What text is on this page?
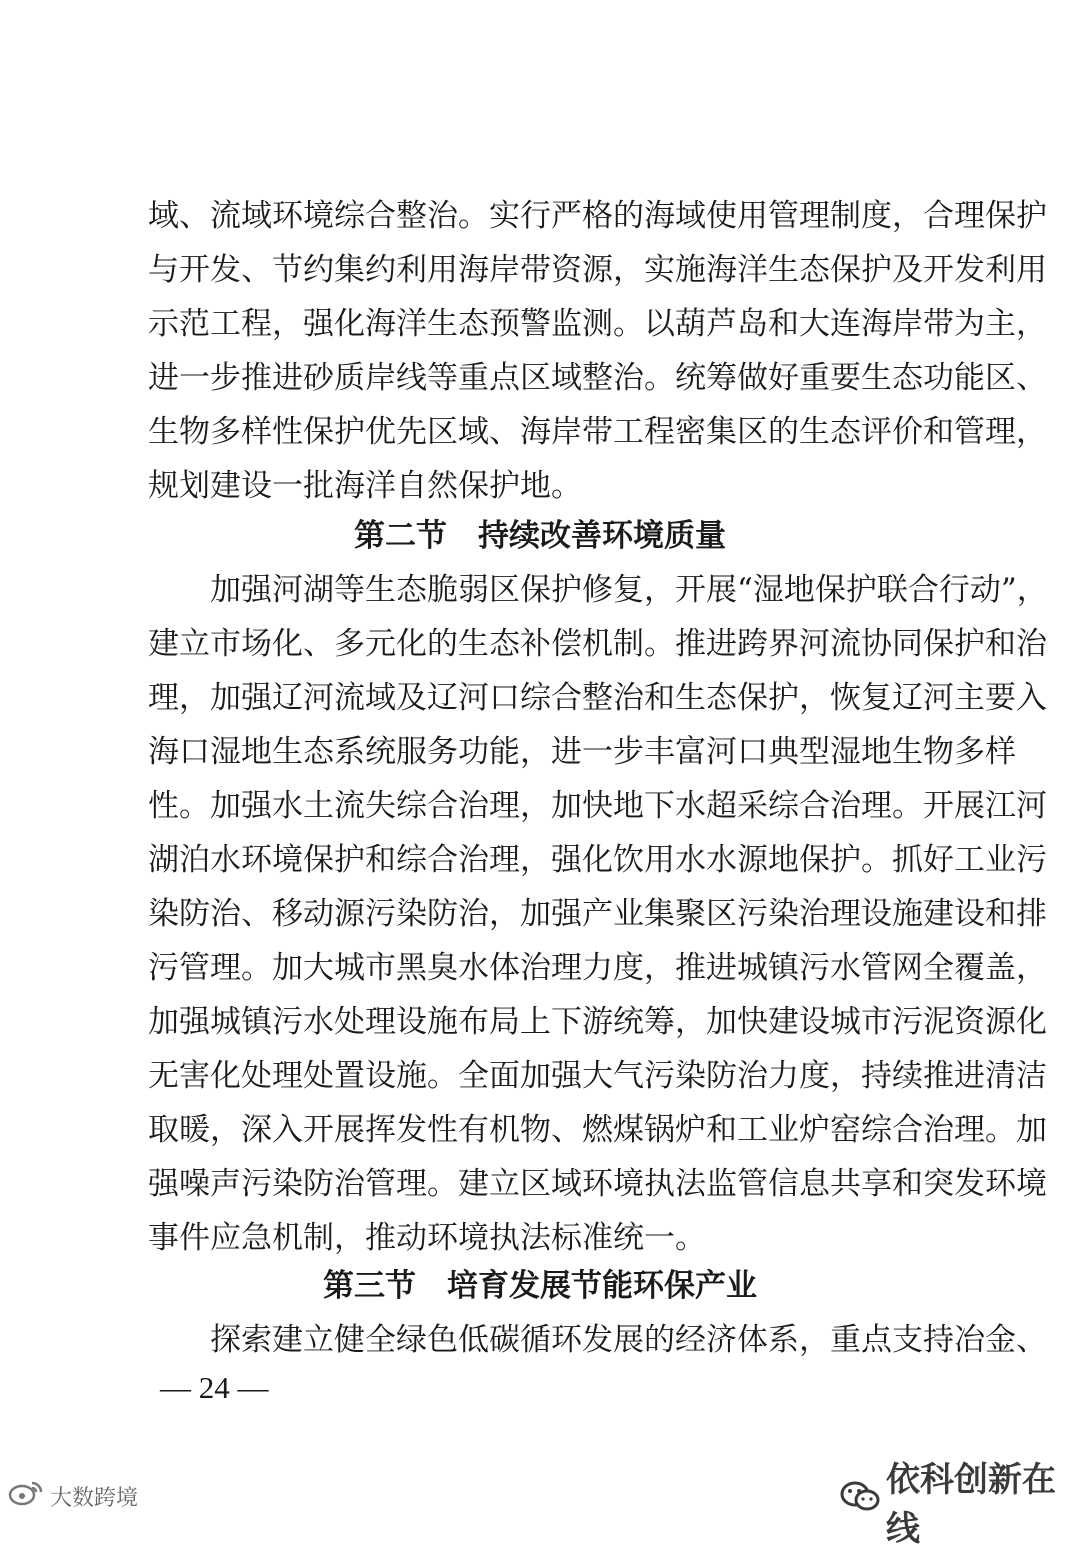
域、流域环境综合整治。实行严格的海域使用管理制度，合理保护
与开发、节约集约利用海岸带资源，实施海洋生态保护及开发利用
示范工程，强化海洋生态预警监测。以葫芦岛和大连海岸带为主，
进一步推进砂质岸线等重点区域整治。统筹做好重要生态功能区、
生物多样性保护优先区域、海岸带工程密集区的生态评价和管理，
规划建设一批海洋自然保护地。
第二节　持续改善环境质量
加强河湖等生态脆弱区保护修复，开展“湿地保护联合行动”，
建立市场化、多元化的生态补偿机制。推进跨界河流协同保护和治
理，加强辽河流域及辽河口综合整治和生态保护，恢复辽河主要入
海口湿地生态系统服务功能，进一步丰富河口典型湿地生物多样
性。加强水土流失综合治理，加快地下水超采综合治理。开展江河
湖泊水环境保护和综合治理，强化饮用水水源地保护。抓好工业污
染防治、移动源污染防治，加强产业集聚区污染治理设施建设和排
污管理。加大城市黑臭水体治理力度，推进城镇污水管网全覆盖，
加强城镇污水处理设施布局上下游统筹，加快建设城市污泥资源化
无害化处理处置设施。全面加强大气污染防治力度，持续推进清洁
取暖，深入开展挥发性有机物、燃煤锅炉和工业炉窑综合治理。加
强噪声污染防治管理。建立区域环境执法监管信息共享和突发环境
事件应急机制，推动环境执法标准统一。
第三节　培育发展节能环保产业
探索建立健全绿色低碳循环发展的经济体系，重点支持冶金、
— 24 —
依科创新在线
大数跨境
